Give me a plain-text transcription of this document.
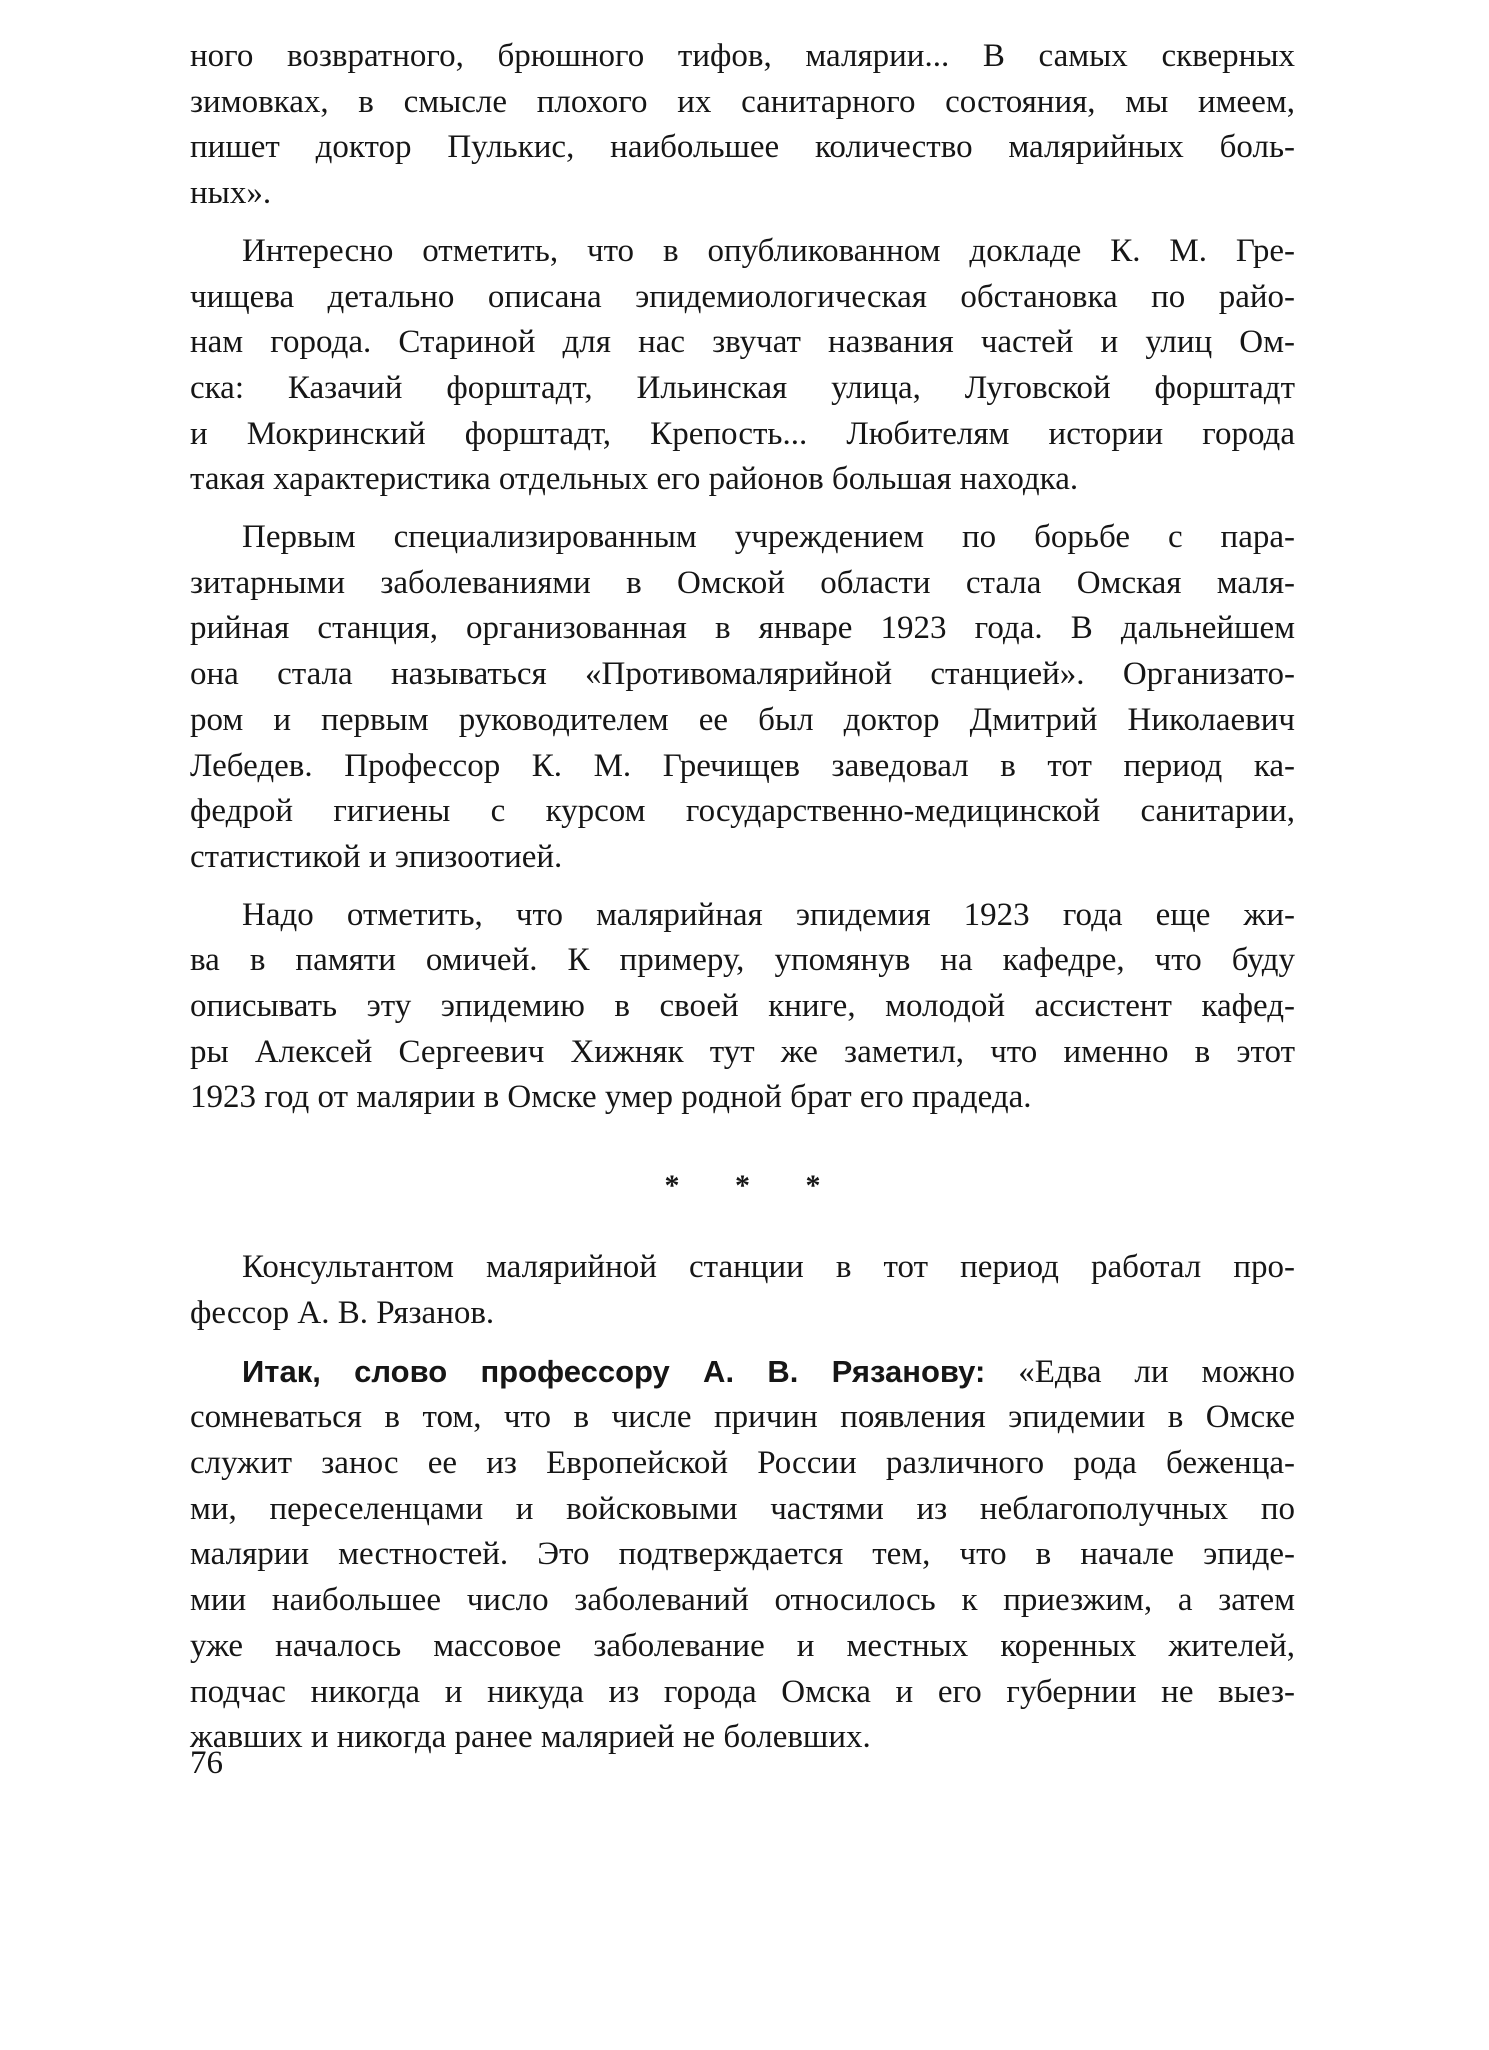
ного возвратного, брюшного тифов, малярии... В самых скверных
зимовках, в смысле плохого их санитарного состояния, мы имеем,
пишет доктор Пулькис, наибольшее количество малярийных боль-
ных».
Интересно отметить, что в опубликованном докладе К. М. Гре-
чищева детально описана эпидемиологическая обстановка по райо-
нам города. Стариной для нас звучат названия частей и улиц Ом-
ска: Казачий форштадт, Ильинская улица, Луговской форштадт
и Мокринский форштадт, Крепость... Любителям истории города
такая характеристика отдельных его районов большая находка.
Первым специализированным учреждением по борьбе с пара-
зитарными заболеваниями в Омской области стала Омская маля-
рийная станция, организованная в январе 1923 года. В дальнейшем
она стала называться «Противомалярийной станцией». Организато-
ром и первым руководителем ее был доктор Дмитрий Николаевич
Лебедев. Профессор К. М. Гречищев заведовал в тот период ка-
федрой гигиены с курсом государственно-медицинской санитарии,
статистикой и эпизоотией.
Надо отметить, что малярийная эпидемия 1923 года еще жи-
ва в памяти омичей. К примеру, упомянув на кафедре, что буду
описывать эту эпидемию в своей книге, молодой ассистент кафед-
ры Алексей Сергеевич Хижняк тут же заметил, что именно в этот
1923 год от малярии в Омске умер родной брат его прадеда.
* * *
Консультантом малярийной станции в тот период работал про-
фессор А. В. Рязанов.
Итак, слово профессору А. В. Рязанову: «Едва ли можно
сомневаться в том, что в числе причин появления эпидемии в Омске
служит занос ее из Европейской России различного рода беженца-
ми, переселенцами и войсковыми частями из неблагополучных по
малярии местностей. Это подтверждается тем, что в начале эпиде-
мии наибольшее число заболеваний относилось к приезжим, а затем
уже началось массовое заболевание и местных коренных жителей,
подчас никогда и никуда из города Омска и его губернии не выез-
жавших и никогда ранее малярией не болевших.
76
